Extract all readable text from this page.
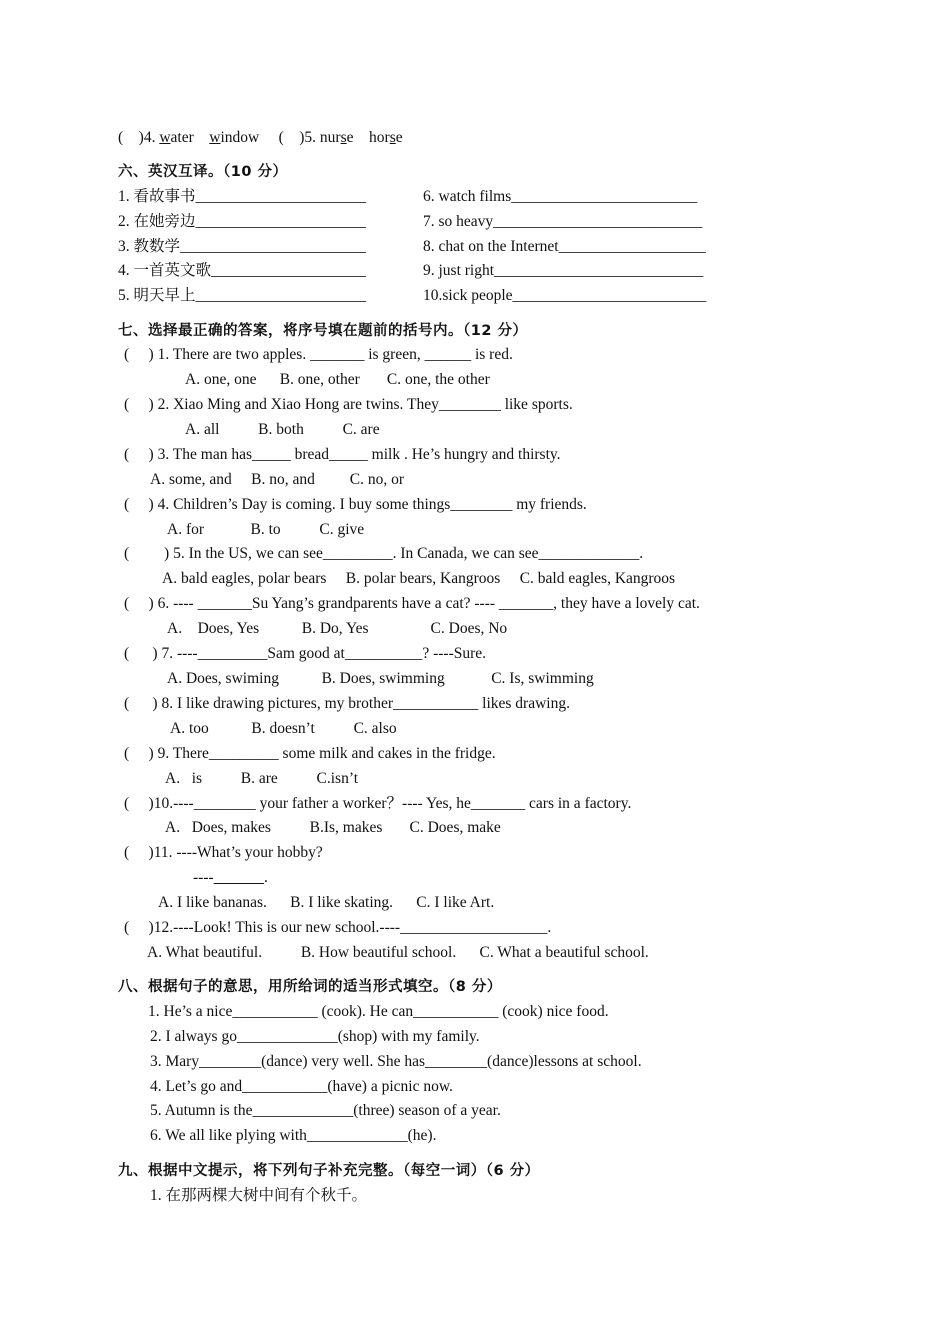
(    )4. water window (    )5. nurse horse
六、英汉互译。（10 分）
1. 看故事书______________________
2. 在她旁边______________________
3. 教数学________________________
4. 一首英文歌____________________
5. 明天早上______________________
6. watch films________________________
7. so heavy___________________________
8. chat on the Internet___________________
9. just right___________________________
10.sick people_________________________
七、选择最正确的答案，将序号填在题前的括号内。（12 分）
(     ) 1. There are two apples. _______ is green, ______ is red.
A. one, one      B. one, other       C. one, the other
(     ) 2. Xiao Ming and Xiao Hong are twins. They________ like sports.
A. all          B. both          C. are
(     ) 3. The man has_____ bread_____ milk . He’s hungry and thirsty.
A. some, and     B. no, and         C. no, or
(     ) 4. Children’s Day is coming. I buy some things________ my friends.
A. for            B. to          C. give
(         ) 5. In the US, we can see_________. In Canada, we can see_____________.
A. bald eagles, polar bears     B. polar bears, Kangroos     C. bald eagles, Kangroos
(     ) 6. ---- _______Su Yang’s grandparents have a cat? ---- _______, they have a lovely cat.
A.    Does, Yes           B. Do, Yes                C. Does, No
(      ) 7. ----_________Sam good at__________? ----Sure.
A. Does, swiming           B. Does, swimming            C. Is, swimming
(      ) 8. I like drawing pictures, my brother___________ likes drawing.
A. too           B. doesn’t          C. also
(     ) 9. There_________ some milk and cakes in the fridge.
A.   is          B. are          C.isn’t
(     )10.----________ your father a worker？---- Yes, he_______ cars in a factory.
A.   Does, makes          B.Is, makes       C. Does, make
(     )11. ----What’s your hobby?
----	.
A. I like bananas.      B. I like skating.      C. I like Art.
(     )12.----Look! This is our new school.----___________________.
A. What beautiful.          B. How beautiful school.      C. What a beautiful school.
八、根据句子的意思，用所给词的适当形式填空。（8 分）
1. He’s a nice___________ (cook). He can___________ (cook) nice food.
2. I always go_____________(shop) with my family.
3. Mary________(dance) very well. She has________(dance)lessons at school.
4. Let’s go and___________(have) a picnic now.
5. Autumn is the_____________(three) season of a year.
6. We all like plying with_____________(he).
九、根据中文提示，将下列句子补充完整。（每空一词）（6 分）
1. 在那两棵大树中间有个秋千。
